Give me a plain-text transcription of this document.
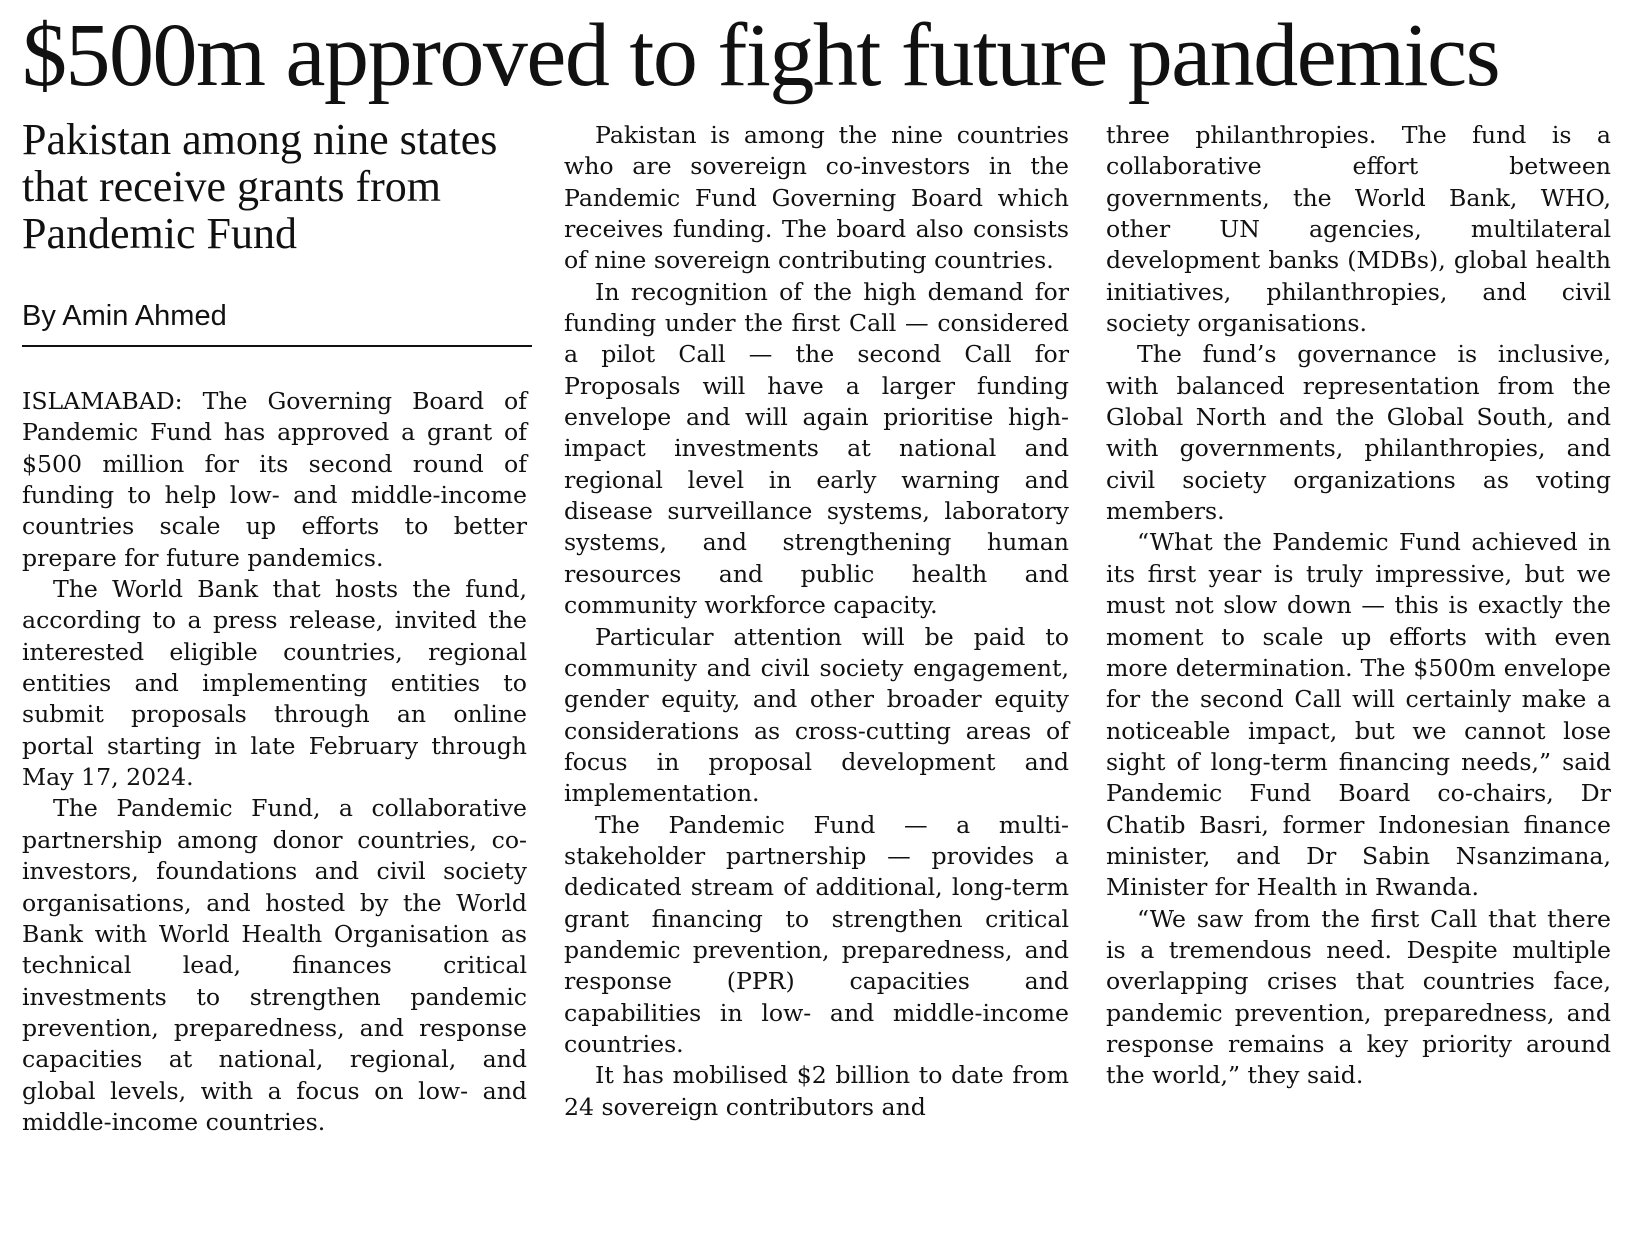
$500m approved to fight future pandemics
Pakistan among nine states that receive grants from Pandemic Fund
By Amin Ahmed

ISLAMABAD: The Governing Board of Pandemic Fund has approved a grant of $500 million for its second round of funding to help low- and middle-income countries scale up efforts to better prepare for future pandemics.

The World Bank that hosts the fund, according to a press release, invited the interested eligible countries, regional entities and implementing entities to submit proposals through an online portal starting in late February through May 17, 2024.

The Pandemic Fund, a collaborative partnership among donor countries, co-investors, foundations and civil society organisations, and hosted by the World Bank with World Health Organisation as technical lead, finances critical investments to strengthen pandemic prevention, preparedness, and response capacities at national, regional, and global levels, with a focus on low- and middle-income countries.

Pakistan is among the nine countries who are sovereign co-investors in the Pandemic Fund Governing Board which receives funding. The board also consists of nine sovereign contributing countries.

In recognition of the high demand for funding under the first Call — considered a pilot Call — the second Call for Proposals will have a larger funding envelope and will again prioritise high-impact investments at national and regional level in early warning and disease surveillance systems, laboratory systems, and strengthening human resources and public health and community workforce capacity.

Particular attention will be paid to community and civil society engagement, gender equity, and other broader equity considerations as cross-cutting areas of focus in proposal development and implementation.

The Pandemic Fund — a multi-stakeholder partnership — provides a dedicated stream of additional, long-term grant financing to strengthen critical pandemic prevention, preparedness, and response (PPR) capacities and capabilities in low- and middle-income countries.

It has mobilised $2 billion to date from 24 sovereign contributors and

three philanthropies. The fund is a collaborative effort between governments, the World Bank, WHO, other UN agencies, multilateral development banks (MDBs), global health initiatives, philanthropies, and civil society organisations.

The fund’s governance is inclusive, with balanced representation from the Global North and the Global South, and with governments, philanthropies, and civil society organizations as voting members.

“What the Pandemic Fund achieved in its first year is truly impressive, but we must not slow down — this is exactly the moment to scale up efforts with even more determination. The $500m envelope for the second Call will certainly make a noticeable impact, but we cannot lose sight of long-term financing needs,” said Pandemic Fund Board co-chairs, Dr Chatib Basri, former Indonesian finance minister, and Dr Sabin Nsanzimana, Minister for Health in Rwanda.

“We saw from the first Call that there is a tremendous need. Despite multiple overlapping crises that countries face, pandemic prevention, preparedness, and response remains a key priority around the world,” they said.
